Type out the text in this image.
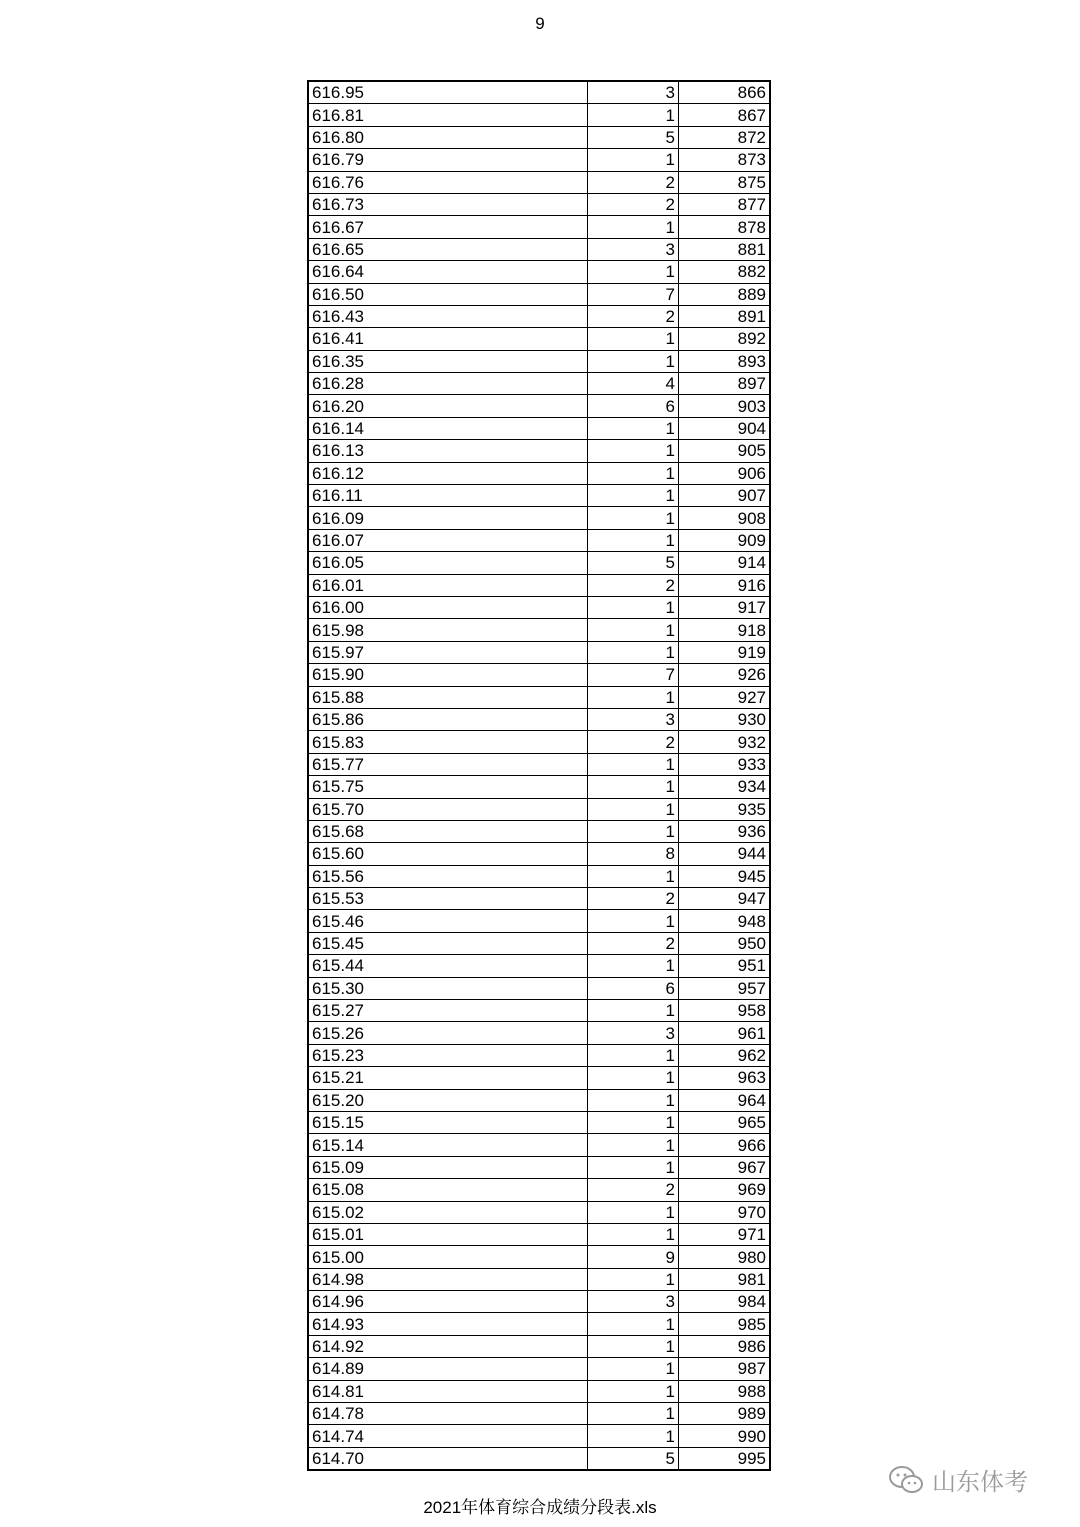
9
616.95	3	866
616.81	1	867
616.80	5	872
616.79	1	873
616.76	2	875
616.73	2	877
616.67	1	878
616.65	3	881
616.64	1	882
616.50	7	889
616.43	2	891
616.41	1	892
616.35	1	893
616.28	4	897
616.20	6	903
616.14	1	904
616.13	1	905
616.12	1	906
616.11	1	907
616.09	1	908
616.07	1	909
616.05	5	914
616.01	2	916
616.00	1	917
615.98	1	918
615.97	1	919
615.90	7	926
615.88	1	927
615.86	3	930
615.83	2	932
615.77	1	933
615.75	1	934
615.70	1	935
615.68	1	936
615.60	8	944
615.56	1	945
615.53	2	947
615.46	1	948
615.45	2	950
615.44	1	951
615.30	6	957
615.27	1	958
615.26	3	961
615.23	1	962
615.21	1	963
615.20	1	964
615.15	1	965
615.14	1	966
615.09	1	967
615.08	2	969
615.02	1	970
615.01	1	971
615.00	9	980
614.98	1	981
614.96	3	984
614.93	1	985
614.92	1	986
614.89	1	987
614.81	1	988
614.78	1	989
614.74	1	990
614.70	5	995
2021年体育综合成绩分段表.xls
山东体考
